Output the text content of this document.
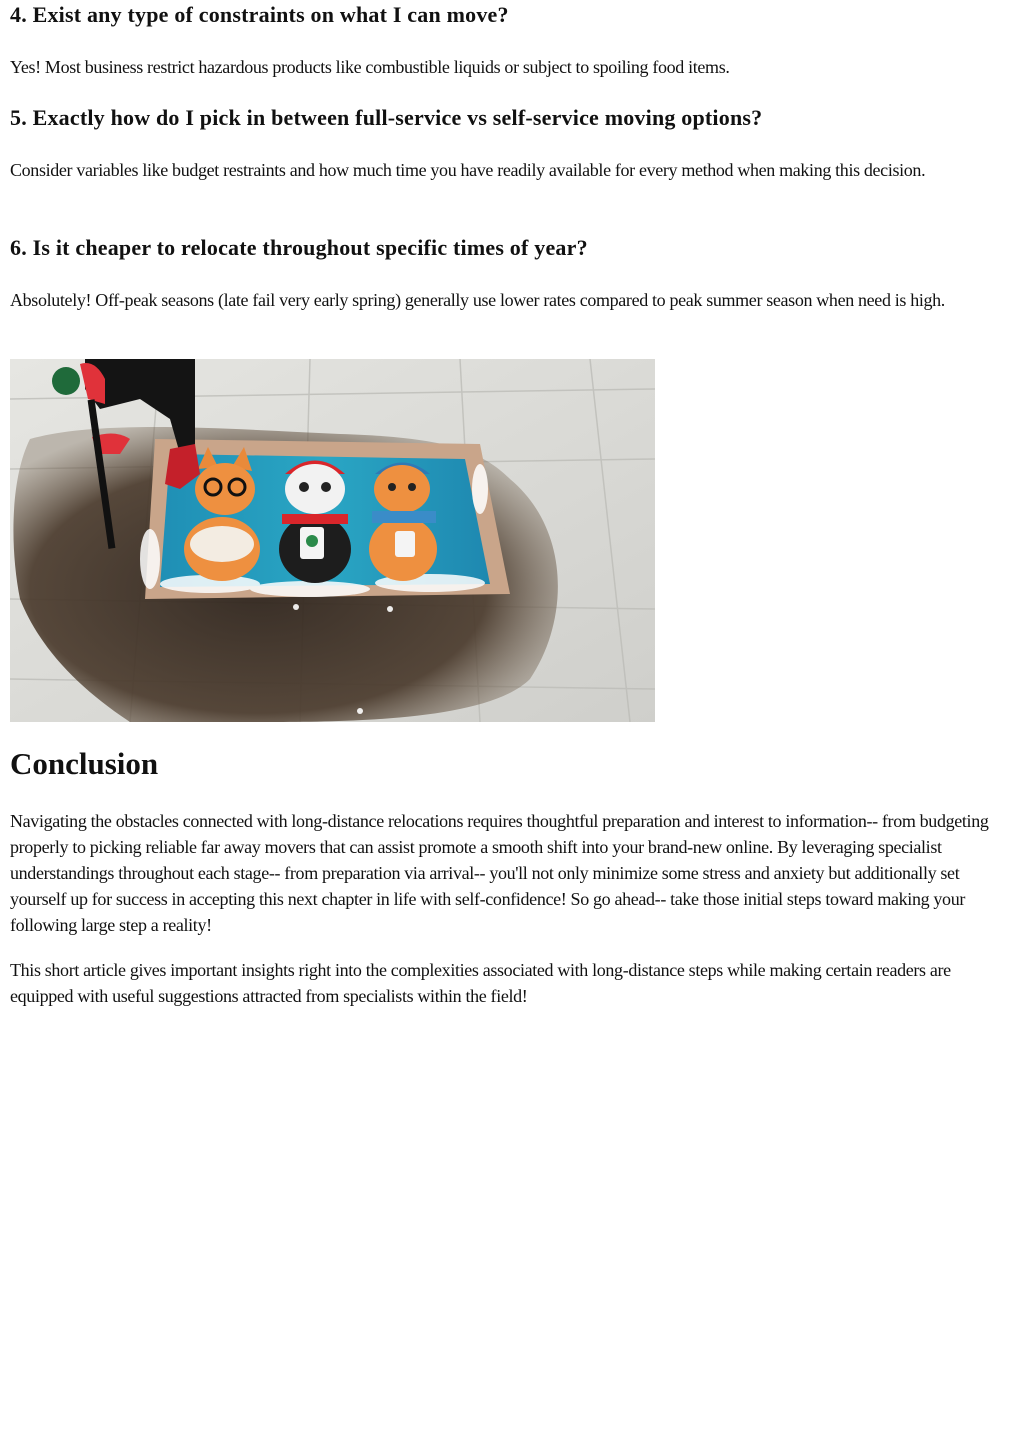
4. Exist any type of constraints on what I can move?

Yes! Most business restrict hazardous products like combustible liquids or subject to spoiling food items.

5. Exactly how do I pick in between full-service vs self-service moving options?

Consider variables like budget restraints and how much time you have readily available for every method when making this decision.

6. Is it cheaper to relocate throughout specific times of year?

Absolutely! Off-peak seasons (late fail very early spring) generally use lower rates compared to peak summer season when need is high.

Conclusion

Navigating the obstacles connected with long-distance relocations requires thoughtful preparation and interest to information-- from budgeting properly to picking reliable far away movers that can assist promote a smooth shift into your brand-new online. By leveraging specialist understandings throughout each stage-- from preparation via arrival-- you'll not only minimize some stress and anxiety but additionally set yourself up for success in accepting this next chapter in life with self-confidence! So go ahead-- take those initial steps toward making your following large step a reality!

This short article gives important insights right into the complexities associated with long-distance steps while making certain readers are equipped with useful suggestions attracted from specialists within the field!
